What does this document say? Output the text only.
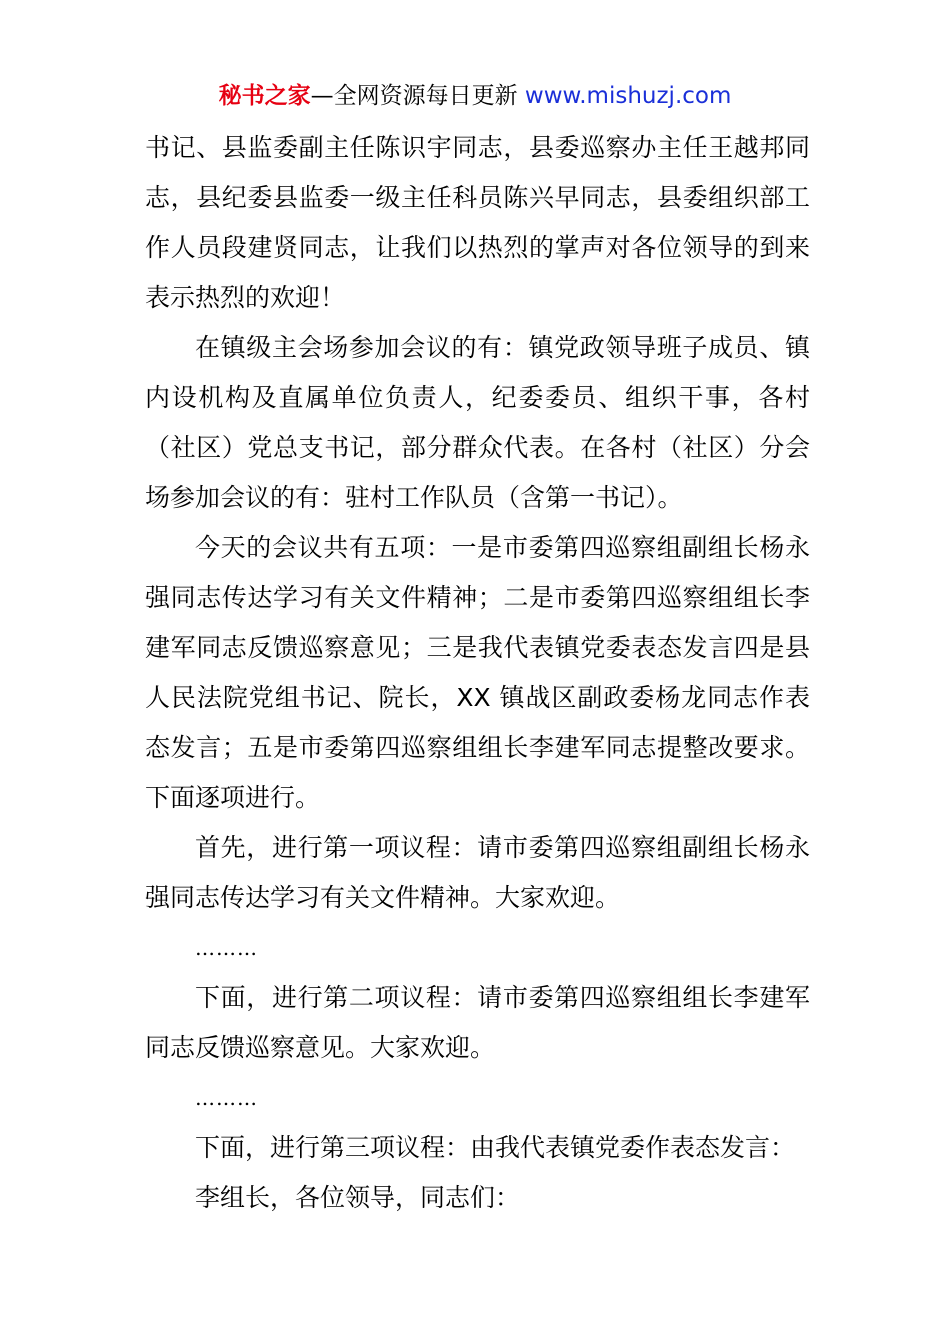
秘书之家—全网资源每日更新 www.mishuzj.com

书记、县监委副主任陈识宇同志，县委巡察办主任王越邦同志，县纪委县监委一级主任科员陈兴早同志，县委组织部工作人员段建贤同志，让我们以热烈的掌声对各位领导的到来表示热烈的欢迎！

在镇级主会场参加会议的有：镇党政领导班子成员、镇内设机构及直属单位负责人，纪委委员、组织干事，各村（社区）党总支书记，部分群众代表。在各村（社区）分会场参加会议的有：驻村工作队员（含第一书记）。

今天的会议共有五项：一是市委第四巡察组副组长杨永强同志传达学习有关文件精神；二是市委第四巡察组组长李建军同志反馈巡察意见；三是我代表镇党委表态发言四是县人民法院党组书记、院长，XX 镇战区副政委杨龙同志作表态发言；五是市委第四巡察组组长李建军同志提整改要求。下面逐项进行。

首先，进行第一项议程：请市委第四巡察组副组长杨永强同志传达学习有关文件精神。大家欢迎。

………

下面，进行第二项议程：请市委第四巡察组组长李建军同志反馈巡察意见。大家欢迎。

………

下面，进行第三项议程：由我代表镇党委作表态发言：

李组长，各位领导，同志们：
